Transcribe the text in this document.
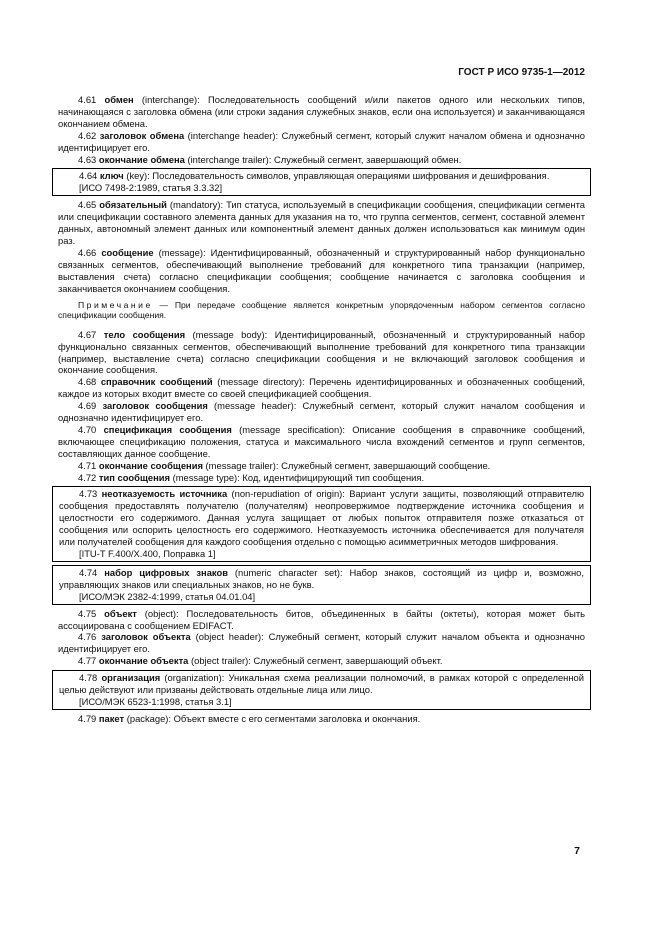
ГОСТ Р ИСО 9735-1—2012

4.61 обмен (interchange): Последовательность сообщений и/или пакетов одного или нескольких типов, начинающаяся с заголовка обмена (или строки задания служебных знаков, если она используется) и заканчивающаяся окончанием обмена.

4.62 заголовок обмена (interchange header): Служебный сегмент, который служит началом обмена и однозначно идентифицирует его.

4.63 окончание обмена (interchange trailer): Служебный сегмент, завершающий обмен.

4.64 ключ (key): Последовательность символов, управляющая операциями шифрования и дешифрования.

[ИСО 7498-2:1989, статья 3.3.32]

4.65 обязательный (mandatory): Тип статуса, используемый в спецификации сообщения, спецификации сегмента или спецификации составного элемента данных для указания на то, что группа сегментов, сегмент, составной элемент данных, автономный элемент данных или компонентный элемент данных должен использоваться как минимум один раз.

4.66 сообщение (message): Идентифицированный, обозначенный и структурированный набор функционально связанных сегментов, обеспечивающий выполнение требований для конкретного типа транзакции (например, выставления счета) согласно спецификации сообщения; сообщение начинается с заголовка сообщения и заканчивается окончанием сообщения.

Примечание — При передаче сообщение является конкретным упорядоченным набором сегментов согласно спецификации сообщения.

4.67 тело сообщения (message body): Идентифицированный, обозначенный и структурированный набор функционально связанных сегментов, обеспечивающий выполнение требований для конкретного типа транзакции (например, выставление счета) согласно спецификации сообщения и не включающий заголовок сообщения и окончание сообщения.

4.68 справочник сообщений (message directory): Перечень идентифицированных и обозначенных сообщений, каждое из которых входит вместе со своей спецификацией сообщения.

4.69 заголовок сообщения (message header): Служебный сегмент, который служит началом сообщения и однозначно идентифицирует его.

4.70 спецификация сообщения (message specification): Описание сообщения в справочнике сообщений, включающее спецификацию положения, статуса и максимального числа вхождений сегментов и групп сегментов, составляющих данное сообщение.

4.71 окончание сообщения (message trailer): Служебный сегмент, завершающий сообщение.

4.72 тип сообщения (message type): Код, идентифицирующий тип сообщения.

4.73 неотказуемость источника (non-repudiation of origin): Вариант услуги защиты, позволяющий отправителю сообщения предоставлять получателю (получателям) неопровержимое подтверждение источника сообщения и целостности его содержимого. Данная услуга защищает от любых попыток отправителя позже отказаться от сообщения или оспорить целостность его содержимого. Неотказуемость источника обеспечивается для получателя или получателей сообщения для каждого сообщения отдельно с помощью асимметричных методов шифрования.

[ITU-T F.400/X.400, Поправка 1]

4.74 набор цифровых знаков (numeric character set): Набор знаков, состоящий из цифр и, возможно, управляющих знаков или специальных знаков, но не букв.

[ИСО/МЭК 2382-4:1999, статья 04.01.04]

4.75 объект (object): Последовательность битов, объединенных в байты (октеты), которая может быть ассоциирована с сообщением EDIFACT.

4.76 заголовок объекта (object header): Служебный сегмент, который служит началом объекта и однозначно идентифицирует его.

4.77 окончание объекта (object trailer): Служебный сегмент, завершающий объект.

4.78 организация (organization): Уникальная схема реализации полномочий, в рамках которой с определенной целью действуют или призваны действовать отдельные лица или лицо.

[ИСО/МЭК 6523-1:1998, статья 3.1]

4.79 пакет (package): Объект вместе с его сегментами заголовка и окончания.

7
